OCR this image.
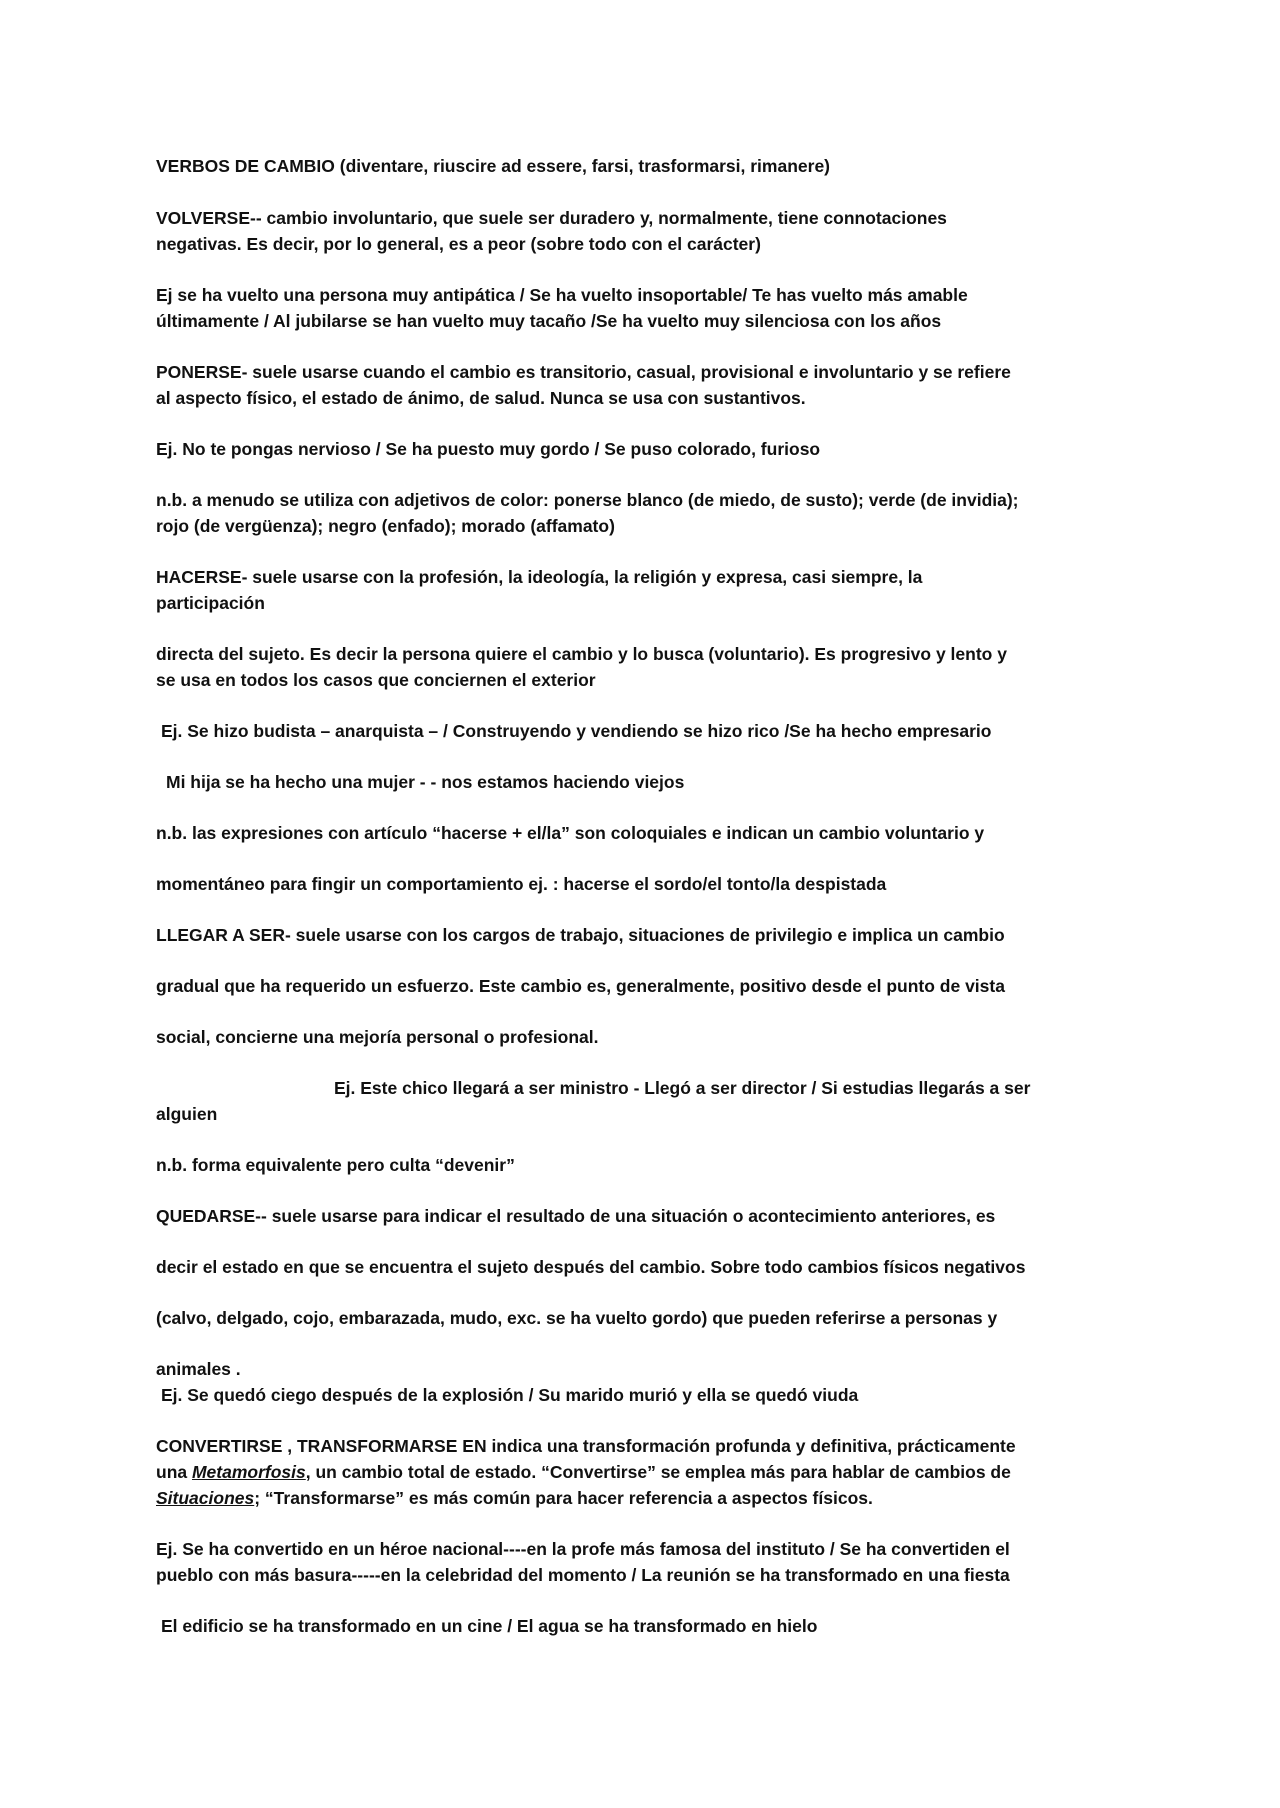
VERBOS DE CAMBIO (diventare, riuscire ad essere, farsi, trasformarsi, rimanere)
VOLVERSE-- cambio involuntario, que suele ser duradero y, normalmente, tiene connotaciones
negativas. Es decir, por lo general, es a peor (sobre todo con el carácter)
Ej se ha vuelto una persona muy antipática / Se ha vuelto insoportable/ Te has vuelto más amable
últimamente / Al jubilarse se han vuelto muy tacaño /Se ha vuelto muy silenciosa con los años
PONERSE- suele usarse cuando el cambio es transitorio, casual, provisional e involuntario y se refiere
al aspecto físico, el estado de ánimo, de salud. Nunca se usa con sustantivos.
Ej. No te pongas nervioso / Se ha puesto muy gordo / Se puso colorado, furioso
n.b. a menudo se utiliza con adjetivos de color: ponerse blanco (de miedo, de susto); verde (de invidia);
rojo (de vergüenza); negro (enfado); morado (affamato)
HACERSE- suele usarse con la profesión, la ideología, la religión y expresa, casi siempre, la
participación
directa del sujeto. Es decir la persona quiere el cambio y lo busca (voluntario). Es progresivo y lento y
se usa en todos los casos que conciernen el exterior
Ej. Se hizo budista – anarquista – / Construyendo y vendiendo se hizo rico /Se ha hecho empresario
Mi hija se ha hecho una mujer - - nos estamos haciendo viejos
n.b. las expresiones con artículo “hacerse + el/la” son coloquiales e indican un cambio voluntario y
momentáneo para fingir un comportamiento ej. : hacerse el sordo/el tonto/la despistada
LLEGAR A SER- suele usarse con los cargos de trabajo, situaciones de privilegio e implica un cambio
gradual que ha requerido un esfuerzo. Este cambio es, generalmente, positivo desde el punto de vista
social, concierne una mejoría personal o profesional.
Ej. Este chico llegará a ser ministro - Llegó a ser director / Si estudias llegarás a ser
alguien
n.b. forma equivalente pero culta “devenir”
QUEDARSE-- suele usarse para indicar el resultado de una situación o acontecimiento anteriores, es
decir el estado en que se encuentra el sujeto después del cambio. Sobre todo cambios físicos negativos
(calvo, delgado, cojo, embarazada, mudo, exc. se ha vuelto gordo) que pueden referirse a personas y
animales .
Ej. Se quedó ciego después de la explosión / Su marido murió y ella se quedó viuda
CONVERTIRSE , TRANSFORMARSE EN indica una transformación profunda y definitiva, prácticamente
una Metamorfosis, un cambio total de estado. “Convertirse” se emplea más para hablar de cambios de
Situaciones; “Transformarse” es más común para hacer referencia a aspectos físicos.
Ej. Se ha convertido en un héroe nacional----en la profe más famosa del instituto / Se ha convertiden el
pueblo con más basura-----en la celebridad del momento / La reunión se ha transformado en una fiesta
El edificio se ha transformado en un cine / El agua se ha transformado en hielo
